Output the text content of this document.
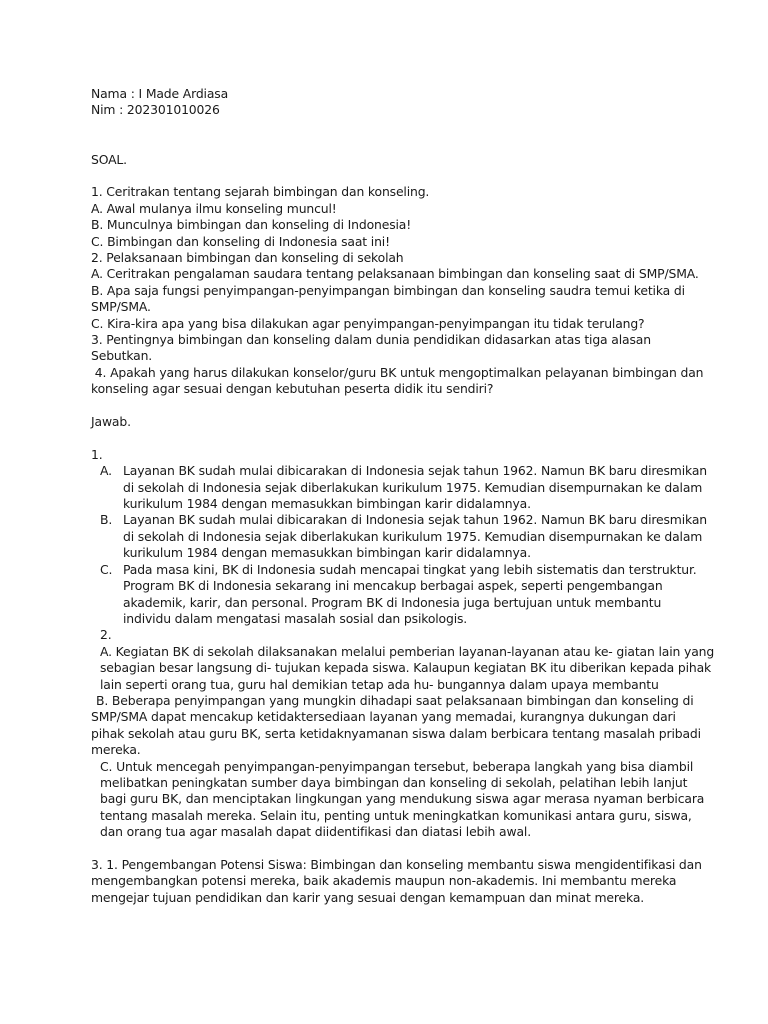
Nama : I Made Ardiasa
Nim : 202301010026
SOAL.
1. Ceritrakan tentang sejarah bimbingan dan konseling.
A. Awal mulanya ilmu konseling muncul!
B. Munculnya bimbingan dan konseling di Indonesia!
C. Bimbingan dan konseling di Indonesia saat ini!
2. Pelaksanaan bimbingan dan konseling di sekolah
A. Ceritrakan pengalaman saudara tentang pelaksanaan bimbingan dan konseling saat di SMP/SMA.
B. Apa saja fungsi penyimpangan-penyimpangan bimbingan dan konseling saudra temui ketika di
SMP/SMA.
C. Kira-kira apa yang bisa dilakukan agar penyimpangan-penyimpangan itu tidak terulang?
3. Pentingnya bimbingan dan konseling dalam dunia pendidikan didasarkan atas tiga alasan
Sebutkan.
4. Apakah yang harus dilakukan konselor/guru BK untuk mengoptimalkan pelayanan bimbingan dan
konseling agar sesuai dengan kebutuhan peserta didik itu sendiri?
Jawab.
1.
A. Layanan BK sudah mulai dibicarakan di Indonesia sejak tahun 1962. Namun BK baru diresmikan
di sekolah di Indonesia sejak diberlakukan kurikulum 1975. Kemudian disempurnakan ke dalam
kurikulum 1984 dengan memasukkan bimbingan karir didalamnya.
B. Layanan BK sudah mulai dibicarakan di Indonesia sejak tahun 1962. Namun BK baru diresmikan
di sekolah di Indonesia sejak diberlakukan kurikulum 1975. Kemudian disempurnakan ke dalam
kurikulum 1984 dengan memasukkan bimbingan karir didalamnya.
C. Pada masa kini, BK di Indonesia sudah mencapai tingkat yang lebih sistematis dan terstruktur.
Program BK di Indonesia sekarang ini mencakup berbagai aspek, seperti pengembangan
akademik, karir, dan personal. Program BK di Indonesia juga bertujuan untuk membantu
individu dalam mengatasi masalah sosial dan psikologis.
2.
A. Kegiatan BK di sekolah dilaksanakan melalui pemberian layanan-layanan atau ke- giatan lain yang
sebagian besar langsung di- tujukan kepada siswa. Kalaupun kegiatan BK itu diberikan kepada pihak
lain seperti orang tua, guru hal demikian tetap ada hu- bungannya dalam upaya membantu
B. Beberapa penyimpangan yang mungkin dihadapi saat pelaksanaan bimbingan dan konseling di
SMP/SMA dapat mencakup ketidaktersediaan layanan yang memadai, kurangnya dukungan dari
pihak sekolah atau guru BK, serta ketidaknyamanan siswa dalam berbicara tentang masalah pribadi
mereka.
C. Untuk mencegah penyimpangan-penyimpangan tersebut, beberapa langkah yang bisa diambil
melibatkan peningkatan sumber daya bimbingan dan konseling di sekolah, pelatihan lebih lanjut
bagi guru BK, dan menciptakan lingkungan yang mendukung siswa agar merasa nyaman berbicara
tentang masalah mereka. Selain itu, penting untuk meningkatkan komunikasi antara guru, siswa,
dan orang tua agar masalah dapat diidentifikasi dan diatasi lebih awal.
3. 1. Pengembangan Potensi Siswa: Bimbingan dan konseling membantu siswa mengidentifikasi dan
mengembangkan potensi mereka, baik akademis maupun non-akademis. Ini membantu mereka
mengejar tujuan pendidikan dan karir yang sesuai dengan kemampuan dan minat mereka.
